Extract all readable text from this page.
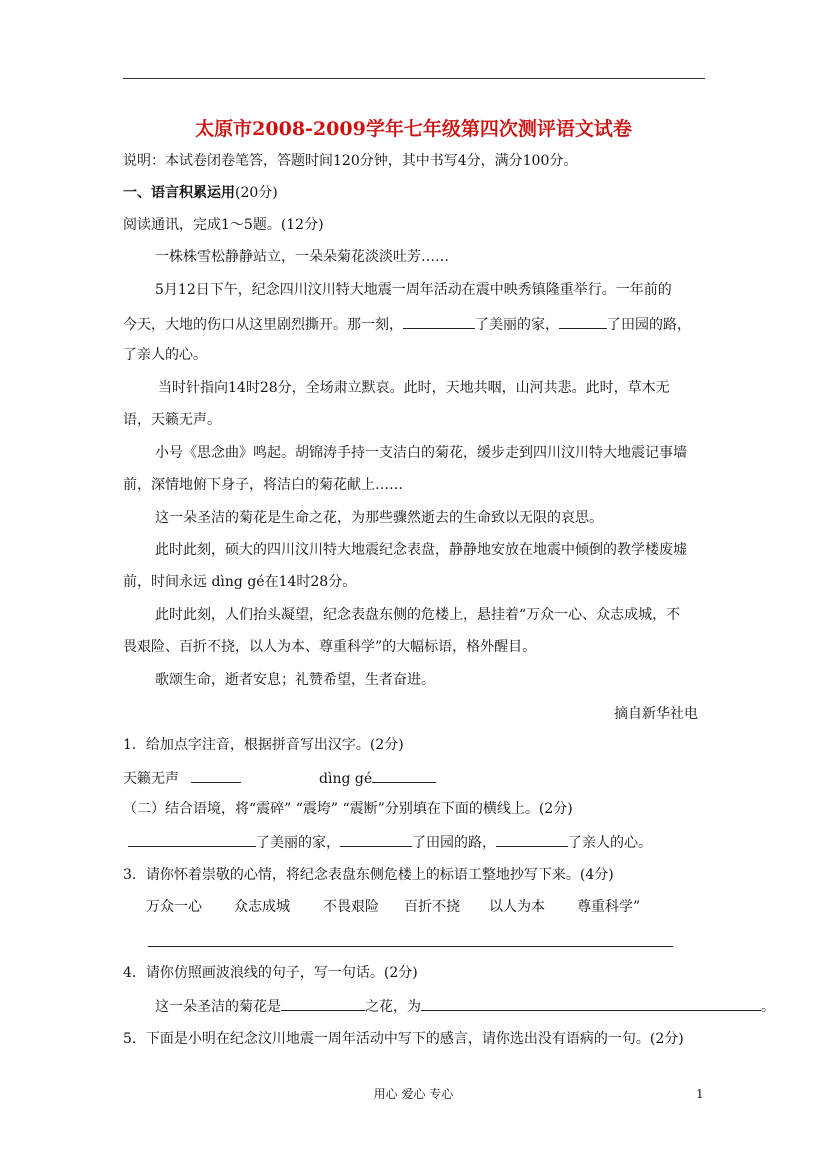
太原市2008-2009学年七年级第四次测评语文试卷
说明：本试卷闭卷笔答，答题时间120分钟，其中书写4分，满分100分。
一、语言积累运用(20分)
阅读通讯，完成1～5题。(12分)
一株株雪松静静站立，一朵朵菊花淡淡吐芳……
5月12日下午，纪念四川汶川特大地震一周年活动在震中映秀镇隆重举行。一年前的
今天，大地的伤口从这里剧烈撕开。那一刻，	了美丽的家，	了田园的路，
了亲人的心。
当时针指向14时28分，全场肃立默哀。此时，天地共咽，山河共悲。此时，草木无
语，天籁无声。
小号《思念曲》鸣起。胡锦涛手持一支洁白的菊花，缓步走到四川汶川特大地震记事墙
前，深情地俯下身子，将洁白的菊花献上……
这一朵圣洁的菊花是生命之花，为那些骤然逝去的生命致以无限的哀思。
此时此刻，硕大的四川汶川特大地震纪念表盘，静静地安放在地震中倾倒的教学楼废墟
前，时间永远 dìng gé在14时28分。
此时此刻，人们抬头凝望，纪念表盘东侧的危楼上，悬挂着“万众一心、众志成城，不
畏艰险、百折不挠，以人为本、尊重科学”的大幅标语，格外醒目。
歌颂生命，逝者安息；礼赞希望，生者奋进。
摘自新华社电
1．给加点字注音，根据拼音写出汉字。(2分)
天籁无声	dìng gé
（二）结合语境，将“震碎” “震垮” “震断”分别填在下面的横线上。(2分)
了美丽的家，	了田园的路，	了亲人的心。
3．请你怀着崇敬的心情，将纪念表盘东侧危楼上的标语工整地抄写下来。(4分)
万众一心 众志成城 不畏艰险 百折不挠 以人为本 尊重科学”
4．请你仿照画波浪线的句子，写一句话。(2分)
这一朵圣洁的菊花是	之花，为	。
5．下面是小明在纪念汶川地震一周年活动中写下的感言，请你选出没有语病的一句。(2分)
用心 爱心 专心	1
